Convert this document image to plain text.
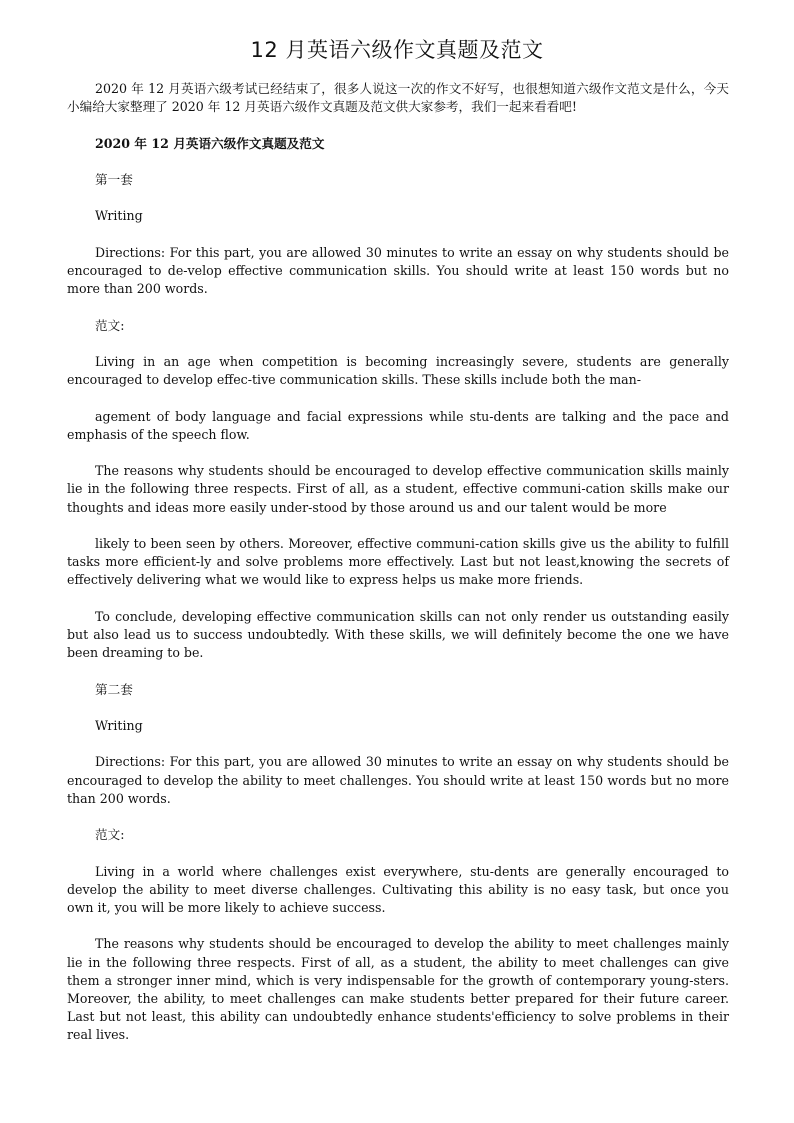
12 月英语六级作文真题及范文

2020 年 12 月英语六级考试已经结束了，很多人说这一次的作文不好写，也很想知道六级作文范文是什么，今天小编给大家整理了 2020 年 12 月英语六级作文真题及范文供大家参考，我们一起来看看吧!

2020 年 12 月英语六级作文真题及范文

第一套

Writing

Directions: For this part, you are allowed 30 minutes to write an essay on why students should be encouraged to de-velop effective communication skills. You should write at least 150 words but no more than 200 words.

范文:

Living in an age when competition is becoming increasingly severe, students are generally encouraged to develop effec-tive communication skills. These skills include both the man-

agement of body language and facial expressions while stu-dents are talking and the pace and emphasis of the speech flow.

The reasons why students should be encouraged to develop effective communication skills mainly lie in the following three respects. First of all, as a student, effective communi-cation skills make our thoughts and ideas more easily under-stood by those around us and our talent would be more

likely to been seen by others. Moreover, effective communi-cation skills give us the ability to fulfill tasks more efficient-ly and solve problems more effectively. Last but not least,knowing the secrets of effectively delivering what we would like to express helps us make more friends.

To conclude, developing effective communication skills can not only render us outstanding easily but also lead us to success undoubtedly. With these skills, we will definitely become the one we have been dreaming to be.

第二套

Writing

Directions: For this part, you are allowed 30 minutes to write an essay on why students should be encouraged to develop the ability to meet challenges. You should write at least 150 words but no more than 200 words.

范文:

Living in a world where challenges exist everywhere, stu-dents are generally encouraged to develop the ability to meet diverse challenges. Cultivating this ability is no easy task, but once you own it, you will be more likely to achieve success.

The reasons why students should be encouraged to develop the ability to meet challenges mainly lie in the following three respects. First of all, as a student, the ability to meet challenges can give them a stronger inner mind, which is very indispensable for the growth of contemporary young-sters. Moreover, the ability, to meet challenges can make students better prepared for their future career. Last but not least, this ability can undoubtedly enhance students'efficiency to solve problems in their real lives.
